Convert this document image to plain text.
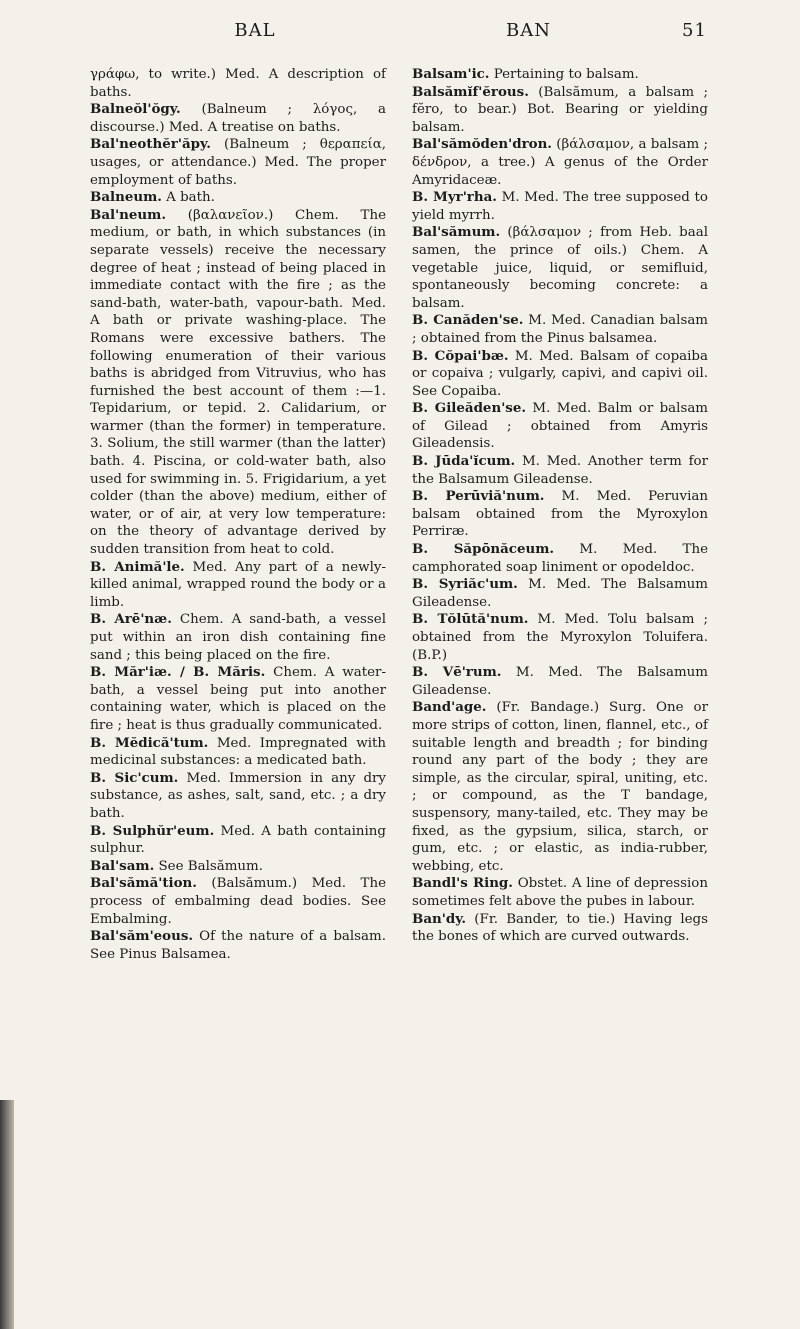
BAL	BAN	51

γράφω, to write.) Med. A description of baths.

Balneŏl'ŏgy. (Balneum ; λόγος, a discourse.) Med. A treatise on baths.

Bal'neothĕr'ăpy. (Balneum ; θεραπεία, usages, or attendance.) Med. The proper employment of baths.

Balneum. A bath.

Bal'neum. (βαλανεῖον.) Chem. The medium, or bath, in which substances (in separate vessels) receive the necessary degree of heat ; instead of being placed in immediate contact with the fire ; as the sand-bath, water-bath, vapour-bath. Med. A bath or private washing-place. The Romans were excessive bathers. The following enumeration of their various baths is abridged from Vitruvius, who has furnished the best account of them :—1. Tepidarium, or tepid. 2. Calidarium, or warmer (than the former) in temperature. 3. Solium, the still warmer (than the latter) bath. 4. Piscina, or cold-water bath, also used for swimming in. 5. Frigidarium, a yet colder (than the above) medium, either of water, or of air, at very low temperature: on the theory of advantage derived by sudden transition from heat to cold.

B. Animă'le. Med. Any part of a newly-killed animal, wrapped round the body or a limb.

B. Arē'næ. Chem. A sand-bath, a vessel put within an iron dish containing fine sand ; this being placed on the fire.

B. Măr'iæ. / B. Măris. Chem. A water-bath, a vessel being put into another containing water, which is placed on the fire ; heat is thus gradually communicated.

B. Mĕdică'tum. Med. Impregnated with medicinal substances: a medicated bath.

B. Sic'cum. Med. Immersion in any dry substance, as ashes, salt, sand, etc. ; a dry bath.

B. Sulphŭr'eum. Med. A bath containing sulphur.

Bal'sam. See Balsămum.

Bal'sămă'tion. (Balsămum.) Med. The process of embalming dead bodies. See Embalming.

Bal'săm'eous. Of the nature of a balsam. See Pinus Balsamea.

Balsam'ic. Pertaining to balsam.

Balsămĭf'ĕrous. (Balsămum, a balsam ; fĕro, to bear.) Bot. Bearing or yielding balsam.

Bal'sămŏden'dron. (βάλσαμον, a balsam ; δένδρον, a tree.) A genus of the Order Amyridaceæ.

B. Myr'rha. M. Med. The tree supposed to yield myrrh.

Bal'sămum. (βάλσαμον ; from Heb. baal samen, the prince of oils.) Chem. A vegetable juice, liquid, or semifluid, spontaneously becoming concrete: a balsam.

B. Canăden'se. M. Med. Canadian balsam ; obtained from the Pinus balsamea.

B. Cŏpai'bæ. M. Med. Balsam of copaiba or copaiva ; vulgarly, capivi, and capivi oil. See Copaiba.

B. Gileăden'se. M. Med. Balm or balsam of Gilead ; obtained from Amyris Gileadensis.

B. Jūda'ĭcum. M. Med. Another term for the Balsamum Gileadense.

B. Perūviă'num. M. Med. Peruvian balsam obtained from the Myroxylon Perriræ.

B. Săpōnăceum. M. Med. The camphorated soap liniment or opodeldoc.

B. Syriăc'um. M. Med. The Balsamum Gileadense.

B. Tŏlūtă'num. M. Med. Tolu balsam ; obtained from the Myroxylon Toluifera. (B.P.)

B. Vē'rum. M. Med. The Balsamum Gileadense.

Band'age. (Fr. Bandage.) Surg. One or more strips of cotton, linen, flannel, etc., of suitable length and breadth ; for binding round any part of the body ; they are simple, as the circular, spiral, uniting, etc. ; or compound, as the T bandage, suspensory, many-tailed, etc. They may be fixed, as the gypsium, silica, starch, or gum, etc. ; or elastic, as india-rubber, webbing, etc.

Bandl's Ring. Obstet. A line of depression sometimes felt above the pubes in labour.

Ban'dy. (Fr. Bander, to tie.) Having legs the bones of which are curved outwards.
